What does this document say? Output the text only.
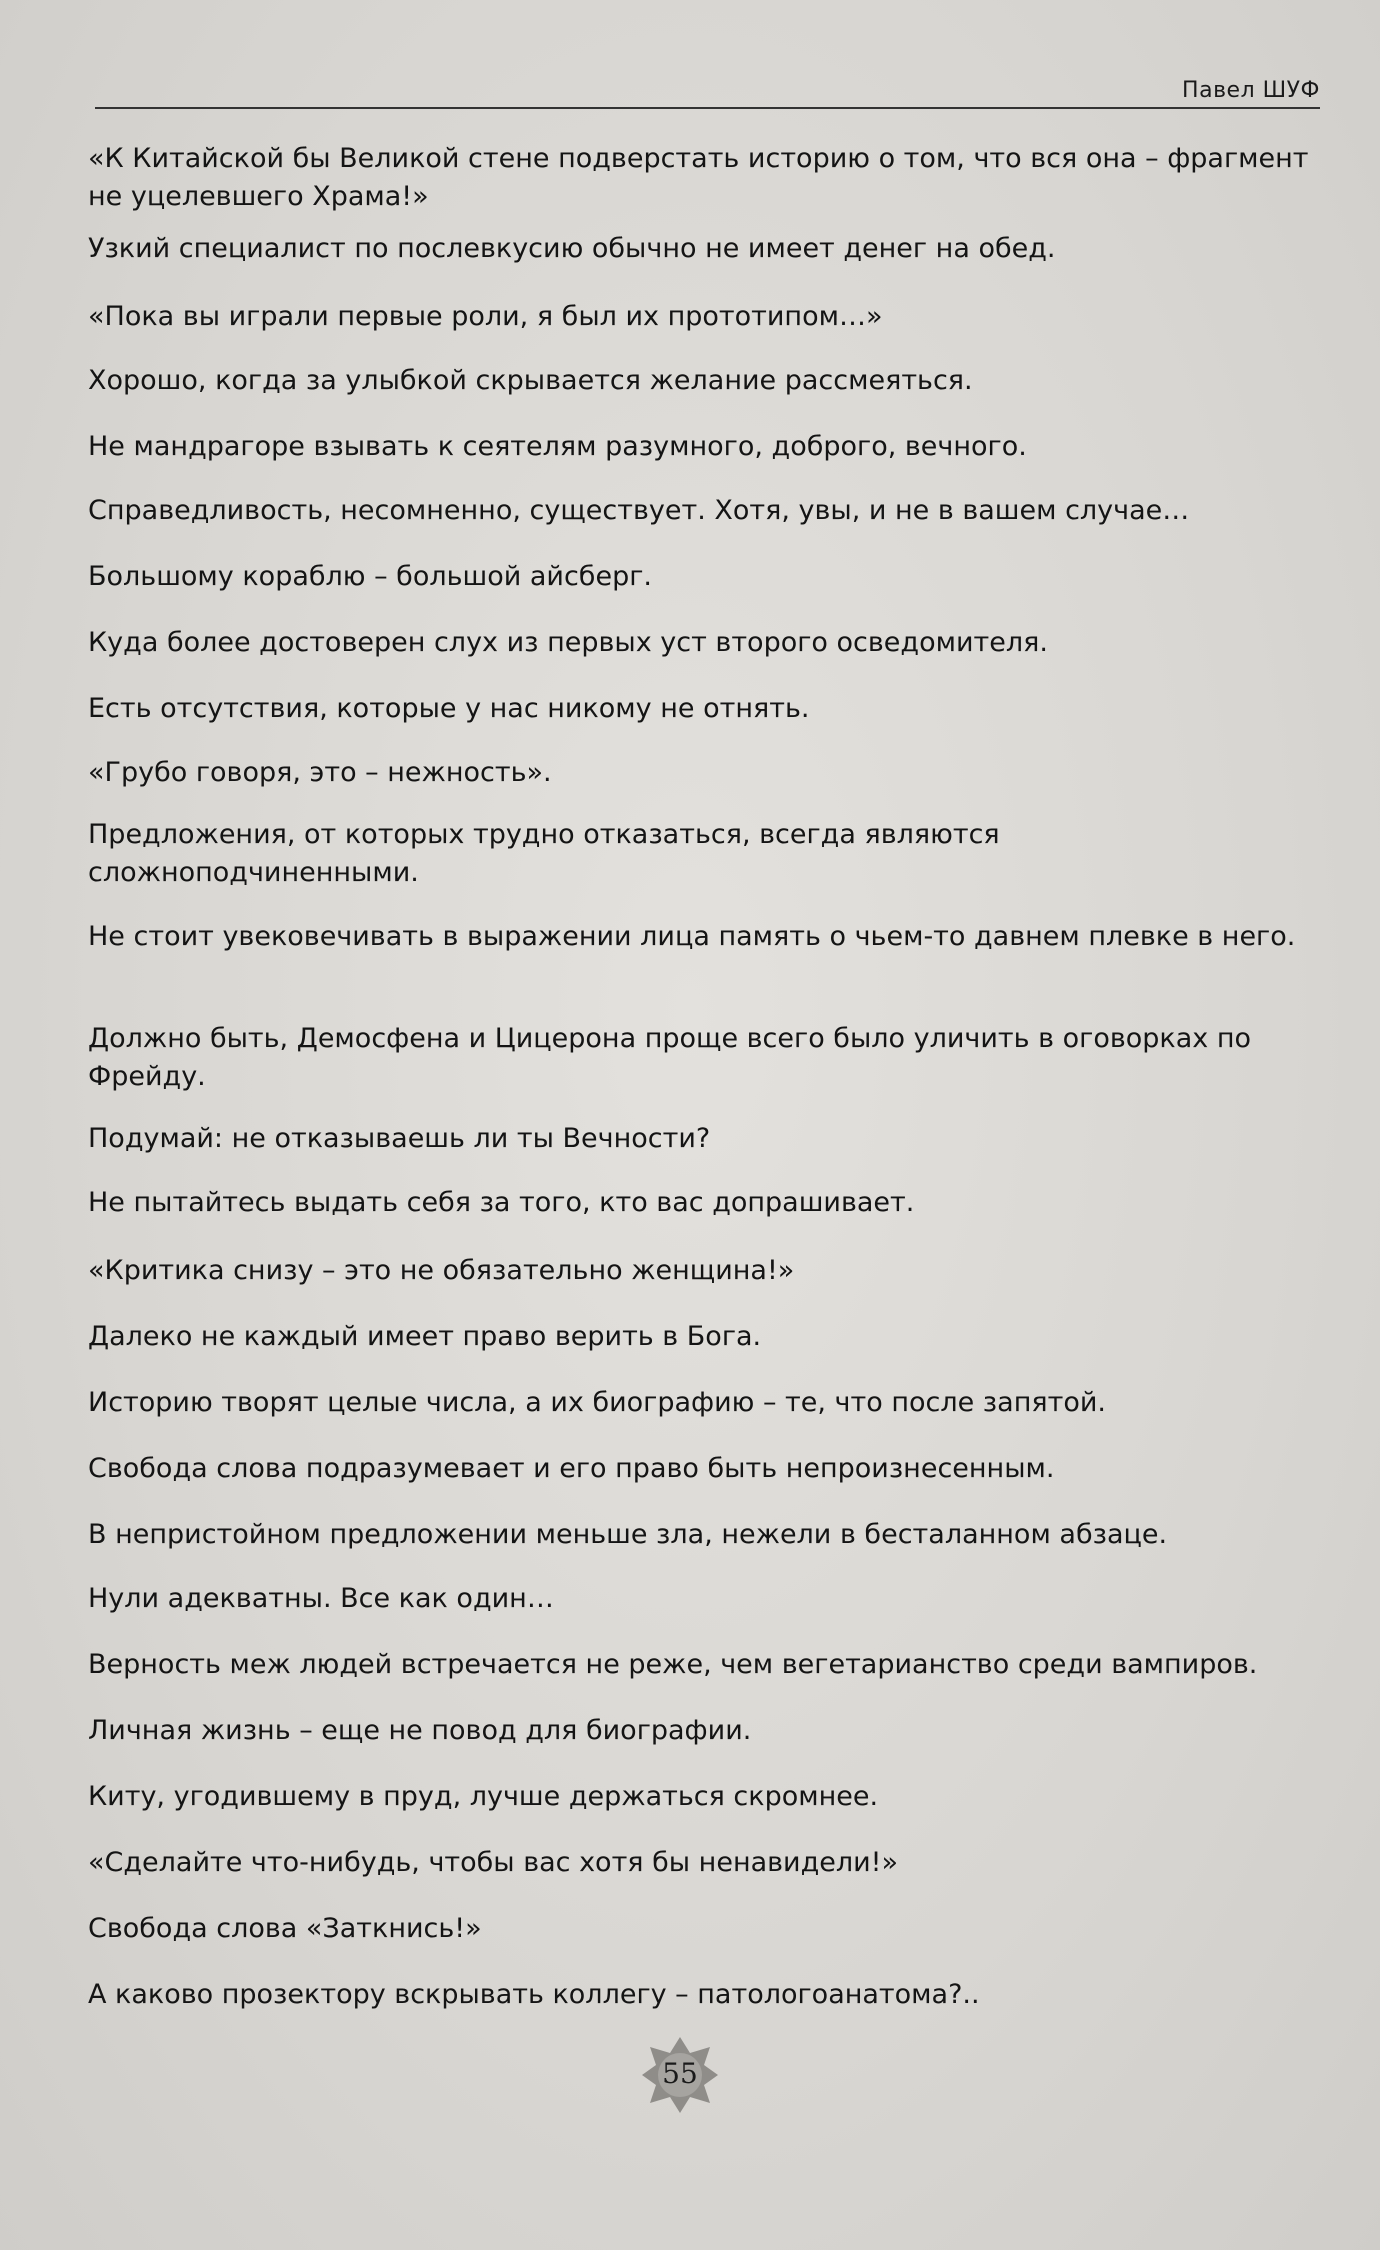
Павел ШУФ
«К Китайской бы Великой стене подверстать историю о том, что вся она – фрагмент не уцелевшего Храма!»
Узкий специалист по послевкусию обычно не имеет денег на обед.
«Пока вы играли первые роли, я был их прототипом…»
Хорошо, когда за улыбкой скрывается желание рассмеяться.
Не мандрагоре взывать к сеятелям разумного, доброго, вечного.
Справедливость, несомненно, существует. Хотя, увы, и не в вашем случае…
Большому кораблю – большой айсберг.
Куда более достоверен слух из первых уст второго осведомителя.
Есть отсутствия, которые у нас никому не отнять.
«Грубо говоря, это – нежность».
Предложения, от которых трудно отказаться, всегда являются сложноподчиненными.
Не стоит увековечивать в выражении лица память о чьем-то давнем плевке в него.
Должно быть, Демосфена и Цицерона проще всего было уличить в оговорках по Фрейду.
Подумай: не отказываешь ли ты Вечности?
Не пытайтесь выдать себя за того, кто вас допрашивает.
«Критика снизу – это не обязательно женщина!»
Далеко не каждый имеет право верить в Бога.
Историю творят целые числа, а их биографию – те, что после запятой.
Свобода слова подразумевает и его право быть непроизнесенным.
В непристойном предложении меньше зла, нежели в бесталанном абзаце.
Нули адекватны. Все как один…
Верность меж людей встречается не реже, чем вегетарианство среди вампиров.
Личная жизнь – еще не повод для биографии.
Киту, угодившему в пруд, лучше держаться скромнее.
«Сделайте что-нибудь, чтобы вас хотя бы ненавидели!»
Свобода слова «Заткнись!»
А каково прозектору вскрывать коллегу – патологоанатома?..
55
